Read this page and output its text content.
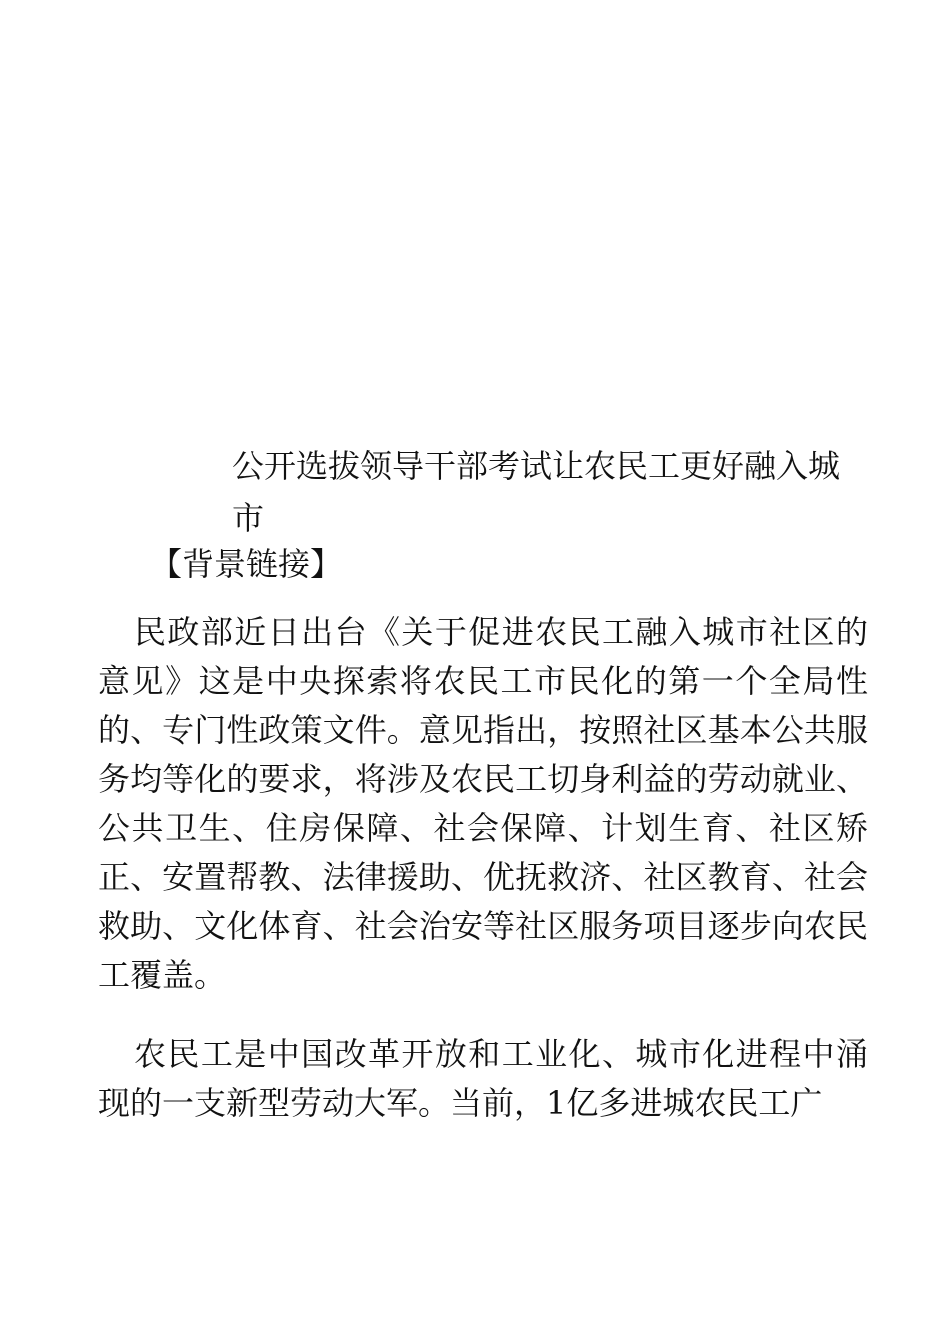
公开选拔领导干部考试让农民工更好融入城市
【背景链接】

民政部近日出台《关于促进农民工融入城市社区的意见》这是中央探索将农民工市民化的第一个全局性的、专门性政策文件。意见指出，按照社区基本公共服务均等化的要求，将涉及农民工切身利益的劳动就业、公共卫生、住房保障、社会保障、计划生育、社区矫正、安置帮教、法律援助、优抚救济、社区教育、社会救助、文化体育、社会治安等社区服务项目逐步向农民工覆盖。

农民工是中国改革开放和工业化、城市化进程中涌现的一支新型劳动大军。当前，1亿多进城农民工广
